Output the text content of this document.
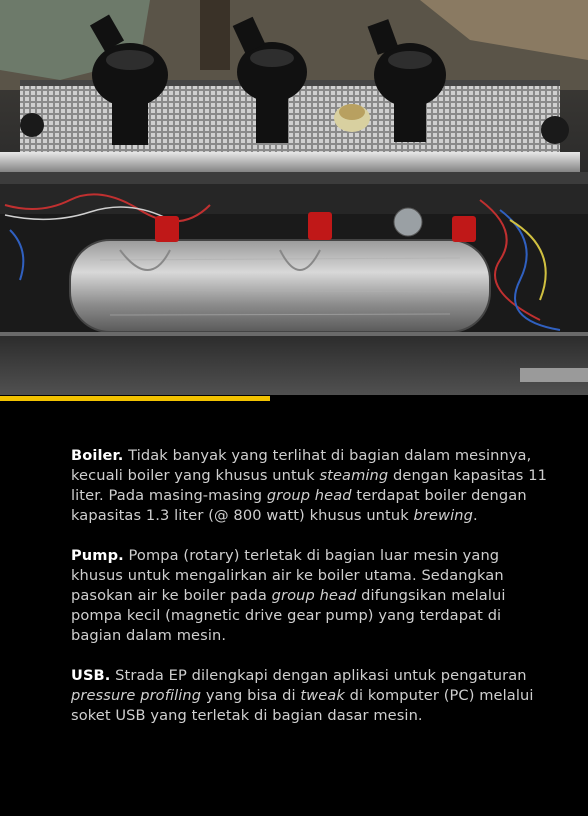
Boiler. Tidak banyak yang terlihat di bagian dalam mesinnya, kecuali boiler yang khusus untuk steaming dengan kapasitas 11 liter. Pada masing-masing group head terdapat boiler dengan kapasitas 1.3 liter (@ 800 watt) khusus untuk brewing.

Pump. Pompa (rotary) terletak di bagian luar mesin yang khusus untuk mengalirkan air ke boiler utama. Sedangkan pasokan air ke boiler pada group head difungsikan melalui pompa kecil (magnetic drive gear pump) yang terdapat di bagian dalam mesin.

USB. Strada EP dilengkapi dengan aplikasi untuk pengaturan pressure profiling yang bisa di tweak di komputer (PC) melalui soket USB yang terletak di bagian dasar mesin.
